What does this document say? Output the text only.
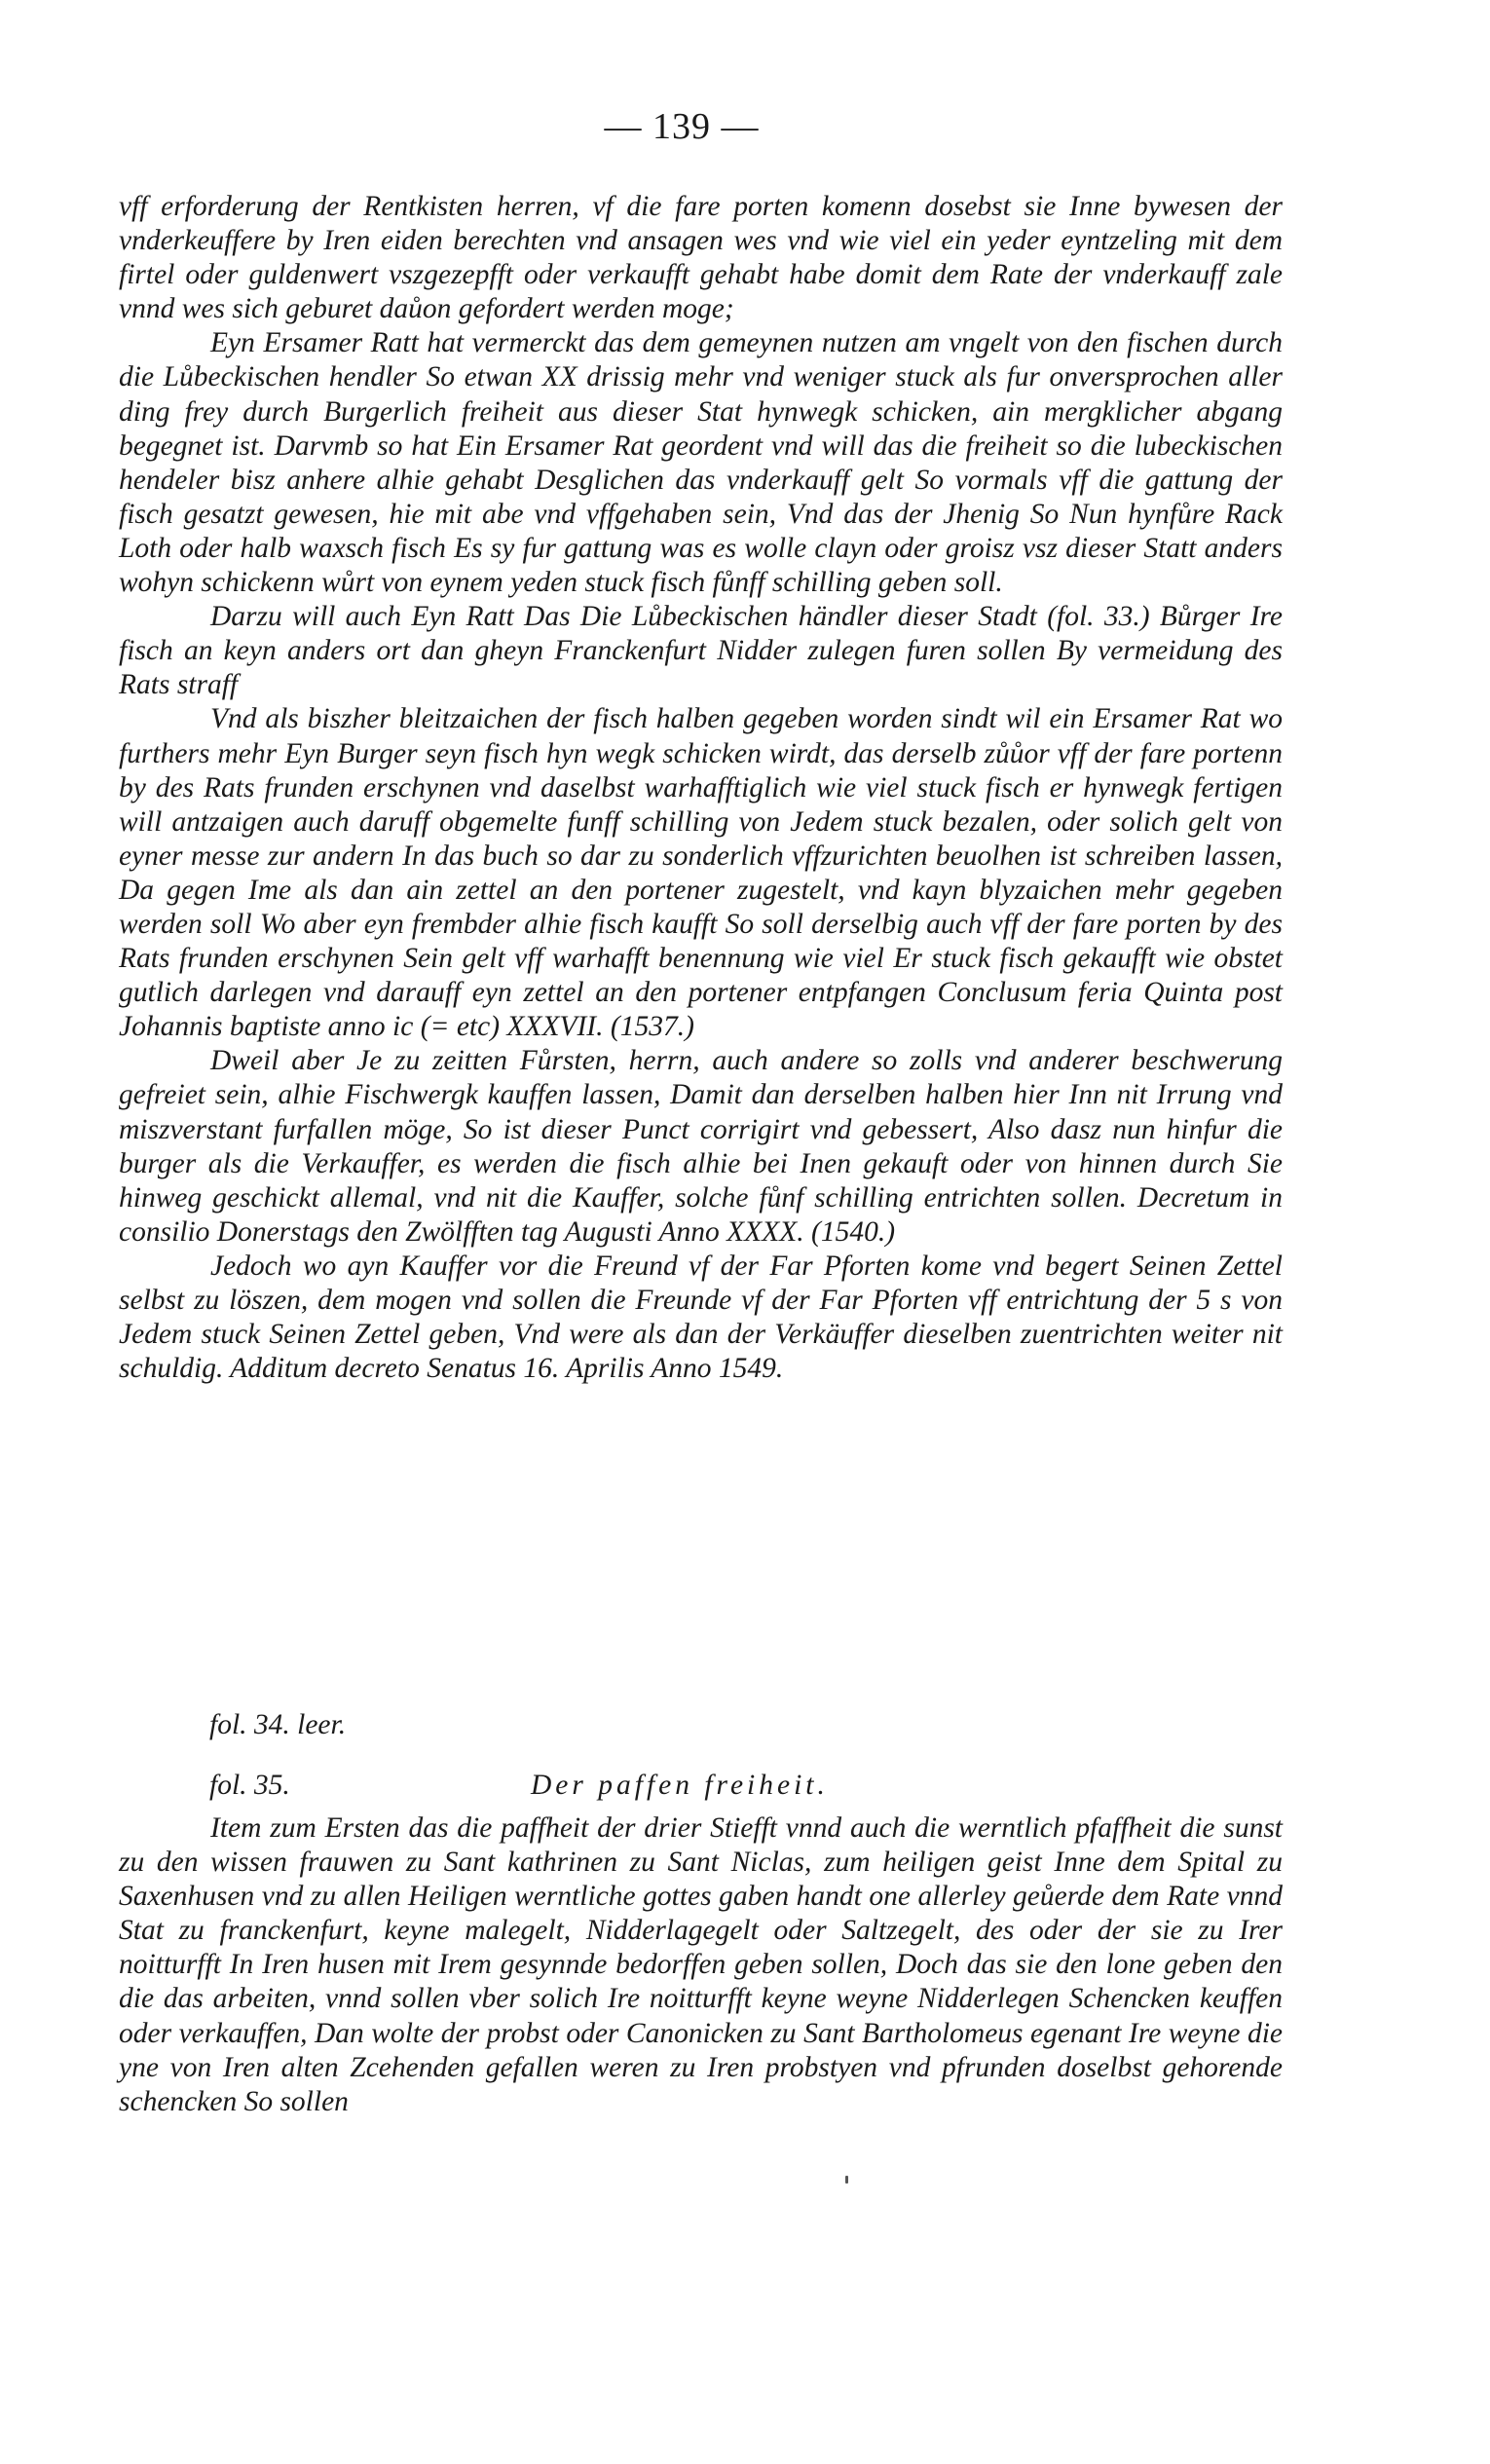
— 139 —

vff erforderung der Rentkisten herren, vf die fare porten komenn dosebst sie Inne bywesen der vnderkeuffere by Iren eiden berechten vnd ansagen wes vnd wie viel ein yeder eyntzeling mit dem firtel oder guldenwert vszgezepfft oder verkaufft gehabt habe domit dem Rate der vnderkauff zale vnnd wes sich geburet daůon gefordert werden moge;

Eyn Ersamer Ratt hat vermerckt das dem gemeynen nutzen am vngelt von den fischen durch die Lůbeckischen hendler So etwan XX drissig mehr vnd weniger stuck als fur onversprochen aller ding frey durch Burgerlich freiheit aus dieser Stat hynwegk schicken, ain mergklicher abgang begegnet ist. Darvmb so hat Ein Ersamer Rat geordent vnd will das die freiheit so die lubeckischen hendeler bisz anhere alhie gehabt Desglichen das vnderkauff gelt So vormals vff die gattung der fisch gesatzt gewesen, hie mit abe vnd vffgehaben sein, Vnd das der Jhenig So Nun hynfůre Rack Loth oder halb waxsch fisch Es sy fur gattung was es wolle clayn oder groisz vsz dieser Statt anders wohyn schickenn wůrt von eynem yeden stuck fisch fůnff schilling geben soll.

Darzu will auch Eyn Ratt Das Die Lůbeckischen händler dieser Stadt (fol. 33.) Bůrger Ire fisch an keyn anders ort dan gheyn Franckenfurt Nidder zulegen furen sollen By vermeidung des Rats straff

Vnd als biszher bleitzaichen der fisch halben gegeben worden sindt wil ein Ersamer Rat wo furthers mehr Eyn Burger seyn fisch hyn wegk schicken wirdt, das derselb zůůor vff der fare portenn by des Rats frunden erschynen vnd daselbst warhafftiglich wie viel stuck fisch er hynwegk fertigen will antzaigen auch daruff obgemelte funff schilling von Jedem stuck bezalen, oder solich gelt von eyner messe zur andern In das buch so dar zu sonderlich vffzurichten beuolhen ist schreiben lassen, Da gegen Ime als dan ain zettel an den portener zugestelt, vnd kayn blyzaichen mehr gegeben werden soll Wo aber eyn frembder alhie fisch kaufft So soll derselbig auch vff der fare porten by des Rats frunden erschynen Sein gelt vff warhafft benennung wie viel Er stuck fisch gekaufft wie obstet gutlich darlegen vnd darauff eyn zettel an den portener entpfangen Conclusum feria Quinta post Johannis baptiste anno ic (= etc) XXXVII. (1537.)

Dweil aber Je zu zeitten Fůrsten, herrn, auch andere so zolls vnd anderer beschwerung gefreiet sein, alhie Fischwergk kauffen lassen, Damit dan derselben halben hier Inn nit Irrung vnd miszverstant furfallen möge, So ist dieser Punct corrigirt vnd gebessert, Also dasz nun hinfur die burger als die Verkauffer, es werden die fisch alhie bei Inen gekauft oder von hinnen durch Sie hinweg geschickt allemal, vnd nit die Kauffer, solche fůnf schilling entrichten sollen. Decretum in consilio Donerstags den Zwölfften tag Augusti Anno XXXX. (1540.)

Jedoch wo ayn Kauffer vor die Freund vf der Far Pforten kome vnd begert Seinen Zettel selbst zu löszen, dem mogen vnd sollen die Freunde vf der Far Pforten vff entrichtung der 5 s von Jedem stuck Seinen Zettel geben, Vnd were als dan der Verkäuffer dieselben zuentrichten weiter nit schuldig. Additum decreto Senatus 16. Aprilis Anno 1549.

fol. 34. leer.
fol. 35.	Der paffen freiheit.

Item zum Ersten das die paffheit der drier Stiefft vnnd auch die werntlich pfaffheit die sunst zu den wissen frauwen zu Sant kathrinen zu Sant Niclas, zum heiligen geist Inne dem Spital zu Saxenhusen vnd zu allen Heiligen werntliche gottes gaben handt one allerley geůerde dem Rate vnnd Stat zu franckenfurt, keyne malegelt, Nidderlagegelt oder Saltzegelt, des oder der sie zu Irer noitturfft In Iren husen mit Irem gesynnde bedorffen geben sollen, Doch das sie den lone geben den die das arbeiten, vnnd sollen vber solich Ire noitturfft keyne weyne Nidderlegen Schencken keuffen oder verkauffen, Dan wolte der probst oder Canonicken zu Sant Bartholomeus egenant Ire weyne die yne von Iren alten Zcehenden gefallen weren zu Iren probstyen vnd pfrunden doselbst gehorende schencken So sollen
